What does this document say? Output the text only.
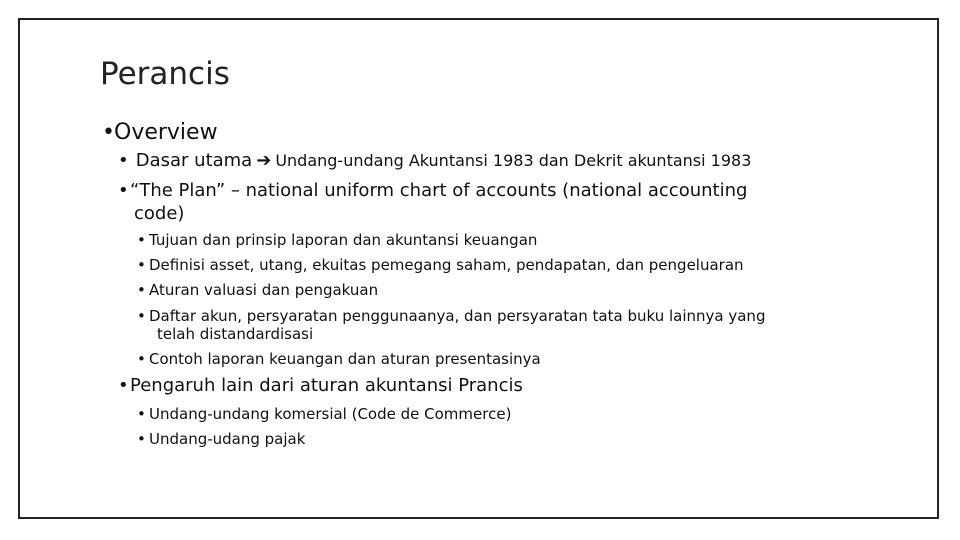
Perancis
•Overview
• Dasar utama ➔ Undang-undang Akuntansi 1983 dan Dekrit akuntansi 1983
•“The Plan” – national uniform chart of accounts (national accounting
code)
• Tujuan dan prinsip laporan dan akuntansi keuangan
• Definisi asset, utang, ekuitas pemegang saham, pendapatan, dan pengeluaran
• Aturan valuasi dan pengakuan
• Daftar akun, persyaratan penggunaanya, dan persyaratan tata buku lainnya yang
telah distandardisasi
• Contoh laporan keuangan dan aturan presentasinya
•Pengaruh lain dari aturan akuntansi Prancis
• Undang-undang komersial (Code de Commerce)
• Undang-udang pajak
